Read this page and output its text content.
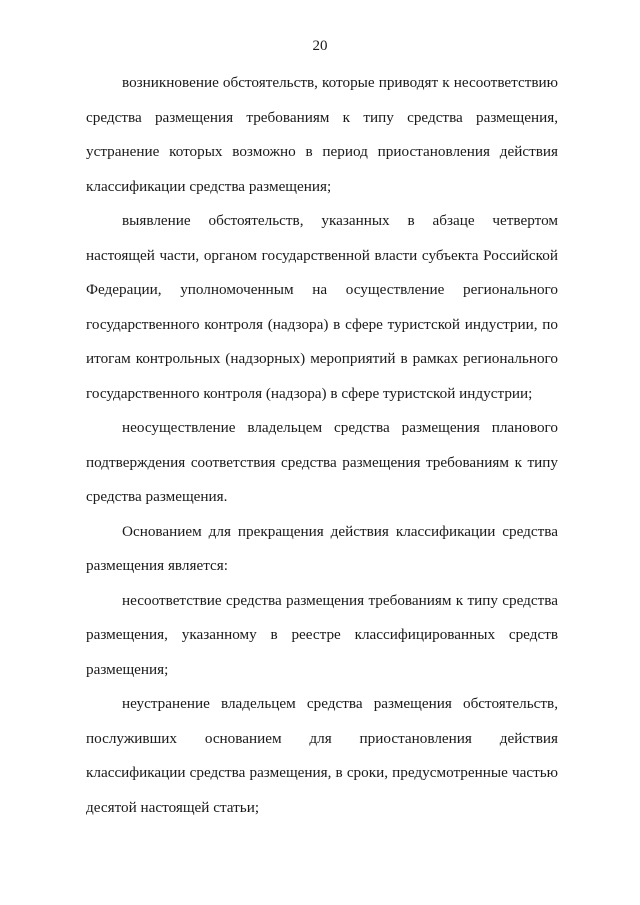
20

возникновение обстоятельств, которые приводят к несоответствию средства размещения требованиям к типу средства размещения, устранение которых возможно в период приостановления действия классификации средства размещения;

выявление обстоятельств, указанных в абзаце четвертом настоящей части, органом государственной власти субъекта Российской Федерации, уполномоченным на осуществление регионального государственного контроля (надзора) в сфере туристской индустрии, по итогам контрольных (надзорных) мероприятий в рамках регионального государственного контроля (надзора) в сфере туристской индустрии;

неосуществление владельцем средства размещения планового подтверждения соответствия средства размещения требованиям к типу средства размещения.

Основанием для прекращения действия классификации средства размещения является:

несоответствие средства размещения требованиям к типу средства размещения, указанному в реестре классифицированных средств размещения;

неустранение владельцем средства размещения обстоятельств, послуживших основанием для приостановления действия классификации средства размещения, в сроки, предусмотренные частью десятой настоящей статьи;
